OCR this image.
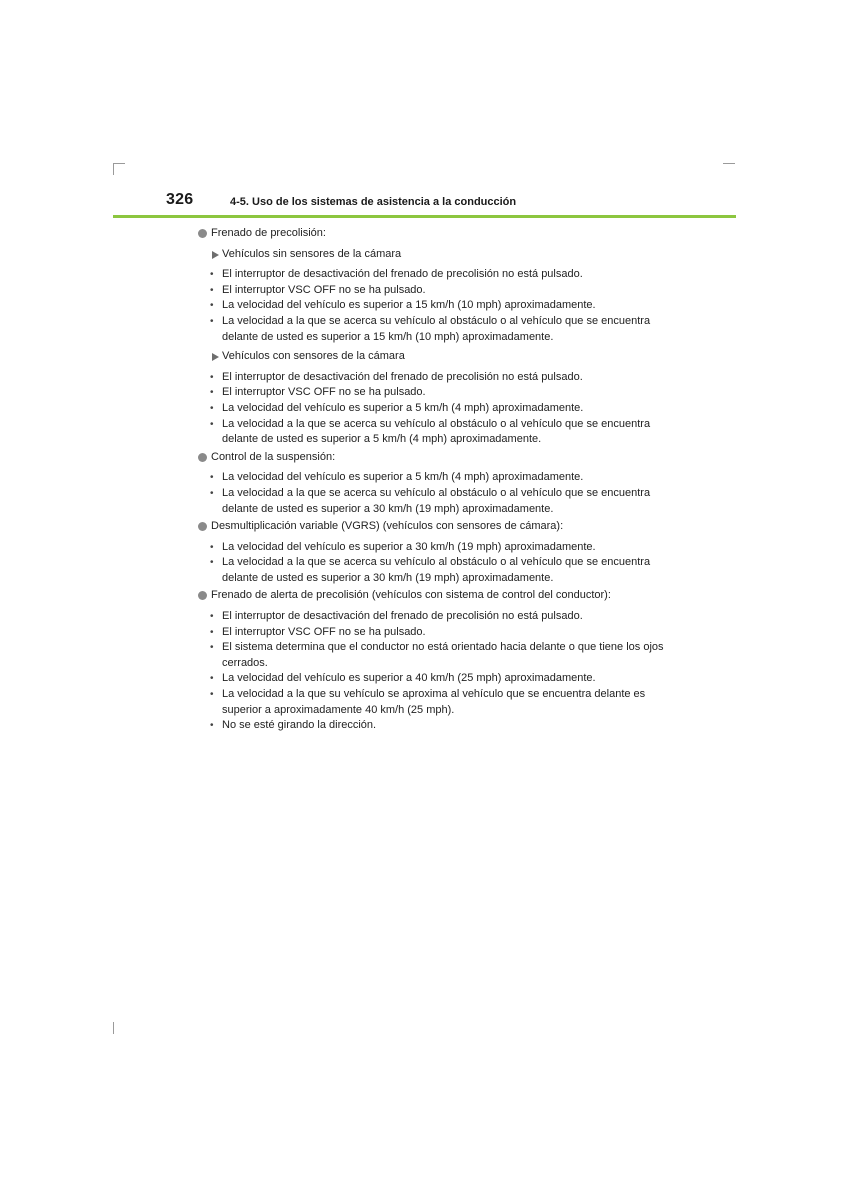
326	4-5. Uso de los sistemas de asistencia a la conducción
Frenado de precolisión:
Vehículos sin sensores de la cámara
• El interruptor de desactivación del frenado de precolisión no está pulsado.
• El interruptor VSC OFF no se ha pulsado.
• La velocidad del vehículo es superior a 15 km/h (10 mph) aproximadamente.
• La velocidad a la que se acerca su vehículo al obstáculo o al vehículo que se encuentra delante de usted es superior a 15 km/h (10 mph) aproximadamente.
Vehículos con sensores de la cámara
• El interruptor de desactivación del frenado de precolisión no está pulsado.
• El interruptor VSC OFF no se ha pulsado.
• La velocidad del vehículo es superior a 5 km/h (4 mph) aproximadamente.
• La velocidad a la que se acerca su vehículo al obstáculo o al vehículo que se encuentra delante de usted es superior a 5 km/h (4 mph) aproximadamente.
Control de la suspensión:
• La velocidad del vehículo es superior a 5 km/h (4 mph) aproximadamente.
• La velocidad a la que se acerca su vehículo al obstáculo o al vehículo que se encuentra delante de usted es superior a 30 km/h (19 mph) aproximadamente.
Desmultiplicación variable (VGRS) (vehículos con sensores de cámara):
• La velocidad del vehículo es superior a 30 km/h (19 mph) aproximadamente.
• La velocidad a la que se acerca su vehículo al obstáculo o al vehículo que se encuentra delante de usted es superior a 30 km/h (19 mph) aproximadamente.
Frenado de alerta de precolisión (vehículos con sistema de control del conductor):
• El interruptor de desactivación del frenado de precolisión no está pulsado.
• El interruptor VSC OFF no se ha pulsado.
• El sistema determina que el conductor no está orientado hacia delante o que tiene los ojos cerrados.
• La velocidad del vehículo es superior a 40 km/h (25 mph) aproximadamente.
• La velocidad a la que su vehículo se aproxima al vehículo que se encuentra delante es superior a aproximadamente 40 km/h (25 mph).
• No se esté girando la dirección.
